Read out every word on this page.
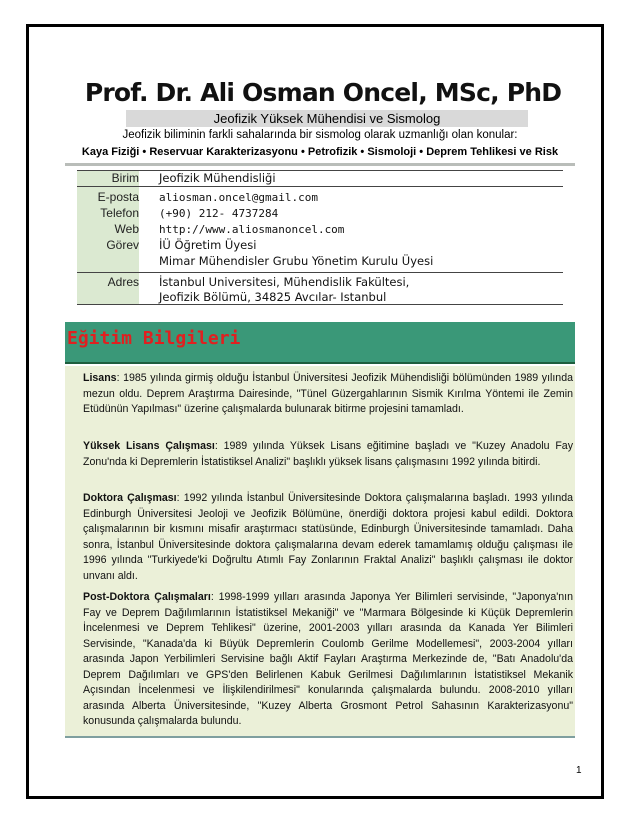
Prof. Dr. Ali Osman Oncel, MSc, PhD
Jeofizik Yüksek Mühendisi ve Sismolog
Jeofizik biliminin farkli sahalarında bir sismolog olarak uzmanlığı olan konular:
Kaya Fiziği • Reservuar Karakterizasyonu • Petrofizik • Sismoloji • Deprem Tehlikesi ve Risk
Birim Jeofizik Mühendisliği
E-posta aliosman.oncel@gmail.com
Telefon (+90) 212- 4737284
Web http://www.aliosmanoncel.com
Görev İÜ Öğretim Üyesi
Mimar Mühendisler Grubu Yönetim Kurulu Üyesi
Adres İstanbul Universitesi, Mühendislik Fakültesi,
Jeofizik Bölümü, 34825 Avcılar- Istanbul
Eğitim Bilgileri
Lisans: 1985 yılında girmiş olduğu İstanbul Üniversitesi Jeofizik Mühendisliği bölümünden 1989 yılında mezun oldu. Deprem Araştırma Dairesinde, "Tünel Güzergahlarının Sismik Kırılma Yöntemi ile Zemin Etüdünün Yapılması" üzerine çalışmalarda bulunarak bitirme projesini tamamladı.
Yüksek Lisans Çalışması: 1989 yılında Yüksek Lisans eğitimine başladı ve "Kuzey Anadolu Fay Zonu'nda ki Depremlerin İstatistiksel Analizi" başlıklı yüksek lisans çalışmasını 1992 yılında bitirdi.
Doktora Çalışması: 1992 yılında İstanbul Üniversitesinde Doktora çalışmalarına başladı. 1993 yılında Edinburgh Üniversitesi Jeoloji ve Jeofizik Bölümüne, önerdiği doktora projesi kabul edildi. Doktora çalışmalarının bir kısmını misafir araştırmacı statüsünde, Edinburgh Üniversitesinde tamamladı. Daha sonra, İstanbul Üniversitesinde doktora çalışmalarına devam ederek tamamlamış olduğu çalışması ile 1996 yılında "Turkiyede'ki Doğrultu Atımlı Fay Zonlarının Fraktal Analizi" başlıklı çalışması ile doktor unvanı aldı.
Post-Doktora Çalışmaları: 1998-1999 yılları arasında Japonya Yer Bilimleri servisinde, "Japonya'nın Fay ve Deprem Dağılımlarının İstatistiksel Mekaniği" ve "Marmara Bölgesinde ki Küçük Depremlerin İncelenmesi ve Deprem Tehlikesi" üzerine, 2001-2003 yılları arasında da Kanada Yer Bilimleri Servisinde, "Kanada'da ki Büyük Depremlerin Coulomb Gerilme Modellemesi", 2003-2004 yılları arasında Japon Yerbilimleri Servisine bağlı Aktif Fayları Araştırma Merkezinde de, "Batı Anadolu'da Deprem Dağılımları ve GPS'den Belirlenen Kabuk Gerilmesi Dağılımlarının İstatistiksel Mekanik Açısından İncelenmesi ve İlişkilendirilmesi" konularında çalışmalarda bulundu. 2008-2010 yılları arasında Alberta Üniversitesinde, "Kuzey Alberta Grosmont Petrol Sahasının Karakterizasyonu" konusunda çalışmalarda bulundu.
1
